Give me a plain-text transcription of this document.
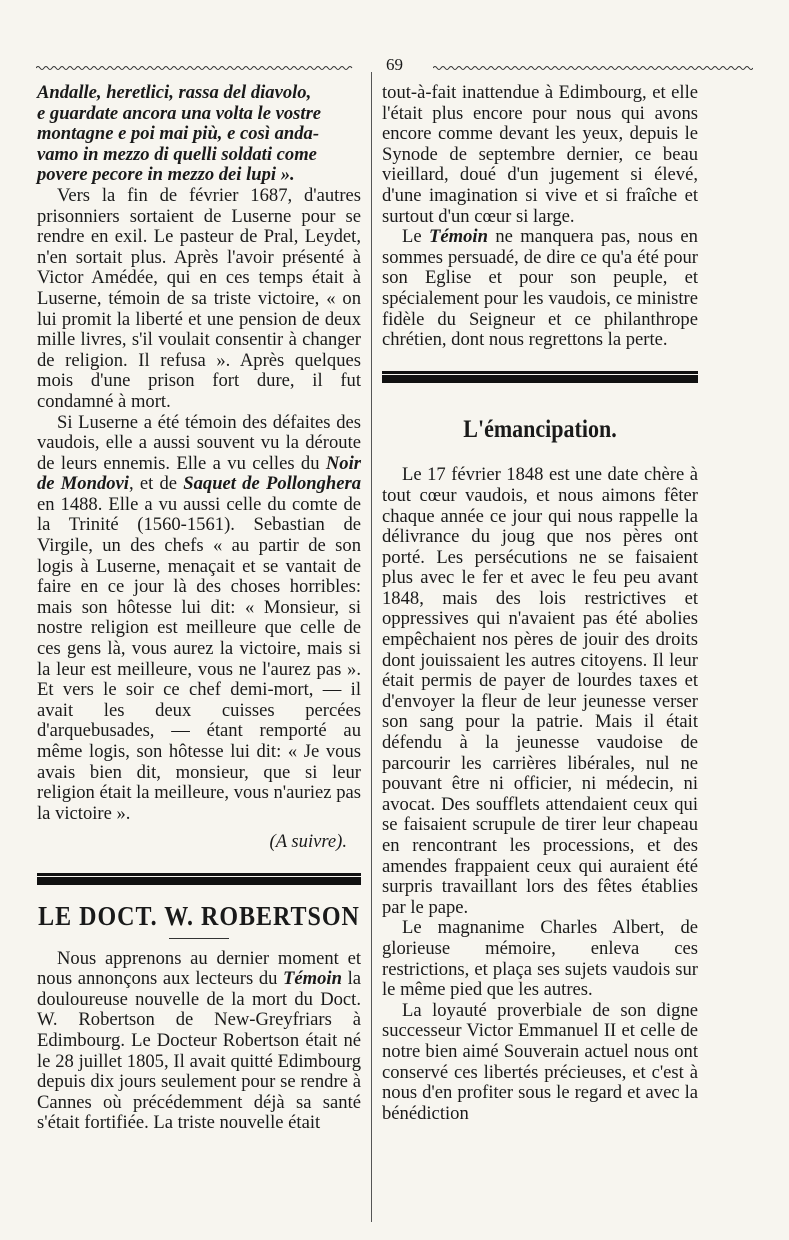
69

Andalle, heretlici, rassa del diavolo,

e guardate ancora una volta le vostre

montagne e poi mai più, e così anda-

vamo in mezzo di quelli soldati come

povere pecore in mezzo dei lupi ».

Vers la fin de février 1687, d'autres prisonniers sortaient de Luserne pour se rendre en exil. Le pasteur de Pral, Leydet, n'en sortait plus. Après l'avoir présenté à Victor Amédée, qui en ces temps était à Luserne, témoin de sa triste victoire, « on lui promit la liberté et une pension de deux mille livres, s'il voulait consentir à changer de religion. Il refusa ». Après quelques mois d'une prison fort dure, il fut condamné à mort.

Si Luserne a été témoin des défaites des vaudois, elle a aussi souvent vu la déroute de leurs ennemis. Elle a vu celles du Noir de Mondovi, et de Saquet de Pollonghera en 1488. Elle a vu aussi celle du comte de la Trinité (1560-1561). Sebastian de Virgile, un des chefs « au partir de son logis à Luserne, menaçait et se vantait de faire en ce jour là des choses horribles: mais son hôtesse lui dit: « Monsieur, si nostre religion est meilleure que celle de ces gens là, vous aurez la victoire, mais si la leur est meilleure, vous ne l'aurez pas ». Et vers le soir ce chef demi-mort, — il avait les deux cuisses percées d'arquebusades, — étant remporté au même logis, son hôtesse lui dit: « Je vous avais bien dit, monsieur, que si leur religion était la meilleure, vous n'auriez pas la victoire ».

(A suivre).
LE DOCT. W. ROBERTSON

Nous apprenons au dernier moment et nous annonçons aux lecteurs du Témoin la douloureuse nouvelle de la mort du Doct. W. Robertson de New-Greyfriars à Edimbourg. Le Docteur Robertson était né le 28 juillet 1805, Il avait quitté Edimbourg depuis dix jours seulement pour se rendre à Cannes où précédemment déjà sa santé s'était fortifiée. La triste nouvelle était

tout-à-fait inattendue à Edimbourg, et elle l'était plus encore pour nous qui avons encore comme devant les yeux, depuis le Synode de septembre dernier, ce beau vieillard, doué d'un jugement si élevé, d'une imagination si vive et si fraîche et surtout d'un cœur si large.

Le Témoin ne manquera pas, nous en sommes persuadé, de dire ce qu'a été pour son Eglise et pour son peuple, et spécialement pour les vaudois, ce ministre fidèle du Seigneur et ce philanthrope chrétien, dont nous regrettons la perte.

L'émancipation.

Le 17 février 1848 est une date chère à tout cœur vaudois, et nous aimons fêter chaque année ce jour qui nous rappelle la délivrance du joug que nos pères ont porté. Les persécutions ne se faisaient plus avec le fer et avec le feu peu avant 1848, mais des lois restrictives et oppressives qui n'avaient pas été abolies empêchaient nos pères de jouir des droits dont jouissaient les autres citoyens. Il leur était permis de payer de lourdes taxes et d'envoyer la fleur de leur jeunesse verser son sang pour la patrie. Mais il était défendu à la jeunesse vaudoise de parcourir les carrières libérales, nul ne pouvant être ni officier, ni médecin, ni avocat. Des soufflets attendaient ceux qui se faisaient scrupule de tirer leur chapeau en rencontrant les processions, et des amendes frappaient ceux qui auraient été surpris travaillant lors des fêtes établies par le pape.

Le magnanime Charles Albert, de glorieuse mémoire, enleva ces restrictions, et plaça ses sujets vaudois sur le même pied que les autres.

La loyauté proverbiale de son digne successeur Victor Emmanuel II et celle de notre bien aimé Souverain actuel nous ont conservé ces libertés précieuses, et c'est à nous d'en profiter sous le regard et avec la bénédiction
